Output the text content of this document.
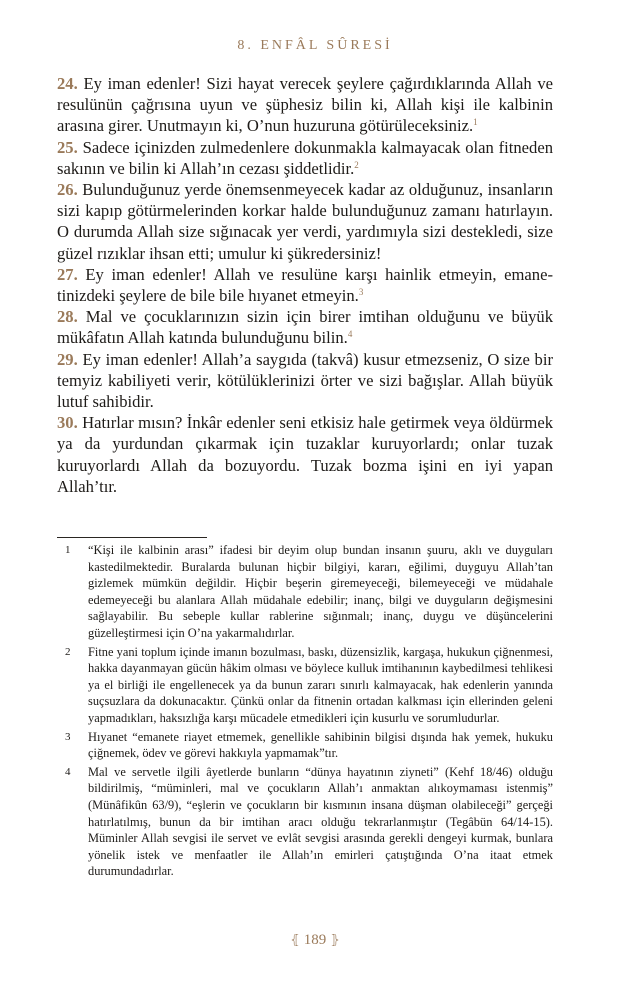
8. ENFÂL SÛRESİ

24. Ey iman edenler! Sizi hayat verecek şeylere çağırdıklarında Allah ve resulünün çağrısına uyun ve şüphesiz bilin ki, Allah kişi ile kalbinin arasına girer. Unutmayın ki, O’nun huzuruna götürüleceksiniz.$^1$

25. Sadece içinizden zulmedenlere dokunmakla kalmayacak olan fitneden sakının ve bilin ki Allah’ın cezası şiddetlidir.$^2$

26. Bulunduğunuz yerde önemsenmeyecek kadar az olduğunuz, insanların sizi kapıp götürmelerinden korkar halde bulunduğunuz zamanı hatırlayın. O durumda Allah size sığınacak yer verdi, yardımıyla sizi destekledi, size güzel rızıklar ihsan etti; umulur ki şükredersiniz!

27. Ey iman edenler! Allah ve resulüne karşı hainlik etmeyin, emanetinizdeki şeylere de bile bile hıyanet etmeyin.$^3$

28. Mal ve çocuklarınızın sizin için birer imtihan olduğunu ve büyük mükâfatın Allah katında bulunduğunu bilin.$^4$

29. Ey iman edenler! Allah’a saygıda (takvâ) kusur etmezseniz, O size bir temyiz kabiliyeti verir, kötülüklerinizi örter ve sizi bağışlar. Allah büyük lutuf sahibidir.

30. Hatırlar mısın? İnkâr edenler seni etkisiz hale getirmek veya öldürmek ya da yurdundan çıkarmak için tuzaklar kuruyorlardı; onlar tuzak kuruyorlardı Allah da bozuyordu. Tuzak bozma işini en iyi yapan Allah’tır.

1 “Kişi ile kalbinin arası” ifadesi bir deyim olup bundan insanın şuuru, aklı ve duyguları kastedilmektedir. Buralarda bulunan hiçbir bilgiyi, kararı, eğilimi, duyguyu Allah’tan gizlemek mümkün değildir. Hiçbir beşerin giremeyeceği, bilemeyeceği ve müdahale edemeyeceği bu alanlara Allah müdahale edebilir; inanç, bilgi ve duyguların değişmesini sağlayabilir. Bu sebeple kullar rablerine sığınmalı; inanç, duygu ve düşüncelerini güzelleştirmesi için O’na yakarmalıdırlar.

2 Fitne yani toplum içinde imanın bozulması, baskı, düzensizlik, kargaşa, hukukun çiğnenmesi, hakka dayanmayan gücün hâkim olması ve böylece kulluk imtihanının kaybedilmesi tehlikesi ya el birliği ile engellenecek ya da bunun zararı sınırlı kalmayacak, hak edenlerin yanında suçsuzlara da dokunacaktır. Çünkü onlar da fitnenin ortadan kalkması için ellerinden geleni yapmadıkları, haksızlığa karşı mücadele etmedikleri için kusurlu ve sorumludurlar.

3 Hıyanet “emanete riayet etmemek, genellikle sahibinin bilgisi dışında hak yemek, hukuku çiğnemek, ödev ve görevi hakkıyla yapmamak”tır.

4 Mal ve servetle ilgili âyetlerde bunların “dünya hayatının ziyneti” (Kehf 18/46) olduğu bildirilmiş, “müminleri, mal ve çocukların Allah’ı anmaktan alıkoymaması istenmiş” (Münâfikûn 63/9), “eşlerin ve çocukların bir kısmının insana düşman olabileceği” gerçeği hatırlatılmış, bunun da bir imtihan aracı olduğu tekrarlanmıştır (Tegâbün 64/14-15). Müminler Allah sevgisi ile servet ve evlât sevgisi arasında gerekli dengeyi kurmak, bunlara yönelik istek ve menfaatler ile Allah’ın emirleri çatıştığında O’na itaat etmek durumundadırlar.

⦃ 189 ⦄
